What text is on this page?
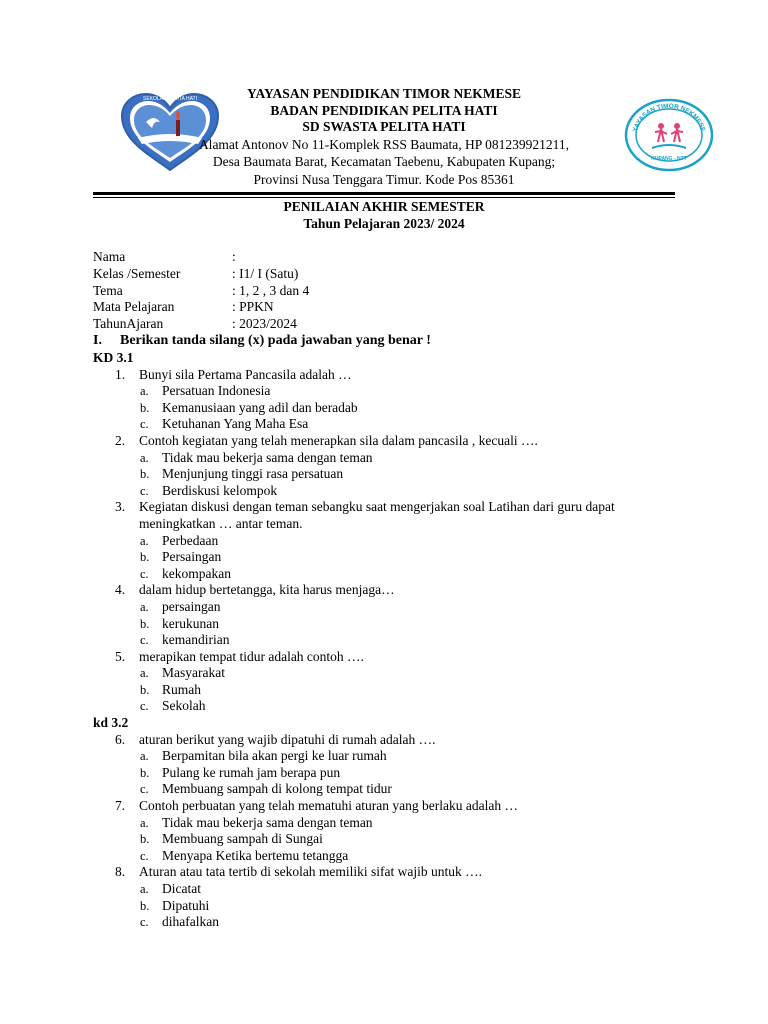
SEKOLAH PELITA HATI
YAYASAN TIMOR NEKMESE
KUPANG - NTT
YAYASAN PENDIDIKAN TIMOR NEKMESE
BADAN PENDIDIKAN PELITA HATI
SD SWASTA PELITA HATI
Alamat Antonov No 11-Komplek RSS Baumata, HP 081239921211,
Desa Baumata Barat, Kecamatan Taebenu, Kabupaten Kupang;
Provinsi Nusa Tenggara Timur. Kode Pos 85361
PENILAIAN AKHIR SEMESTER
Tahun Pelajaran 2023/ 2024
Nama	:
Kelas /Semester	: I1/ I (Satu)
Tema	: 1, 2 , 3 dan 4
Mata Pelajaran	: PPKN
TahunAjaran	: 2023/2024
I. Berikan tanda silang (x) pada jawaban yang benar !
KD 3.1
1.	Bunyi sila Pertama Pancasila adalah …
a. Persatuan Indonesia
b. Kemanusiaan yang adil dan beradab
c. Ketuhanan Yang Maha Esa
2.	Contoh kegiatan yang telah menerapkan sila dalam pancasila , kecuali ….
a. Tidak mau bekerja sama dengan teman
b. Menjunjung tinggi rasa persatuan
c. Berdiskusi kelompok
3.	Kegiatan diskusi dengan teman sebangku saat mengerjakan soal Latihan dari guru dapat meningkatkan … antar teman.
a. Perbedaan
b. Persaingan
c. kekompakan
4.	dalam hidup bertetangga, kita harus menjaga…
a. persaingan
b. kerukunan
c. kemandirian
5.	merapikan tempat tidur adalah contoh ….
a. Masyarakat
b. Rumah
c. Sekolah
kd 3.2
6.	aturan berikut yang wajib dipatuhi di rumah adalah ….
a. Berpamitan bila akan pergi ke luar rumah
b. Pulang ke rumah jam berapa pun
c. Membuang sampah di kolong tempat tidur
7.	Contoh perbuatan yang telah mematuhi aturan yang berlaku adalah …
a. Tidak mau bekerja sama dengan teman
b. Membuang sampah di Sungai
c. Menyapa Ketika bertemu tetangga
8.	Aturan atau tata tertib di sekolah memiliki sifat wajib untuk ….
a. Dicatat
b. Dipatuhi
c. dihafalkan
